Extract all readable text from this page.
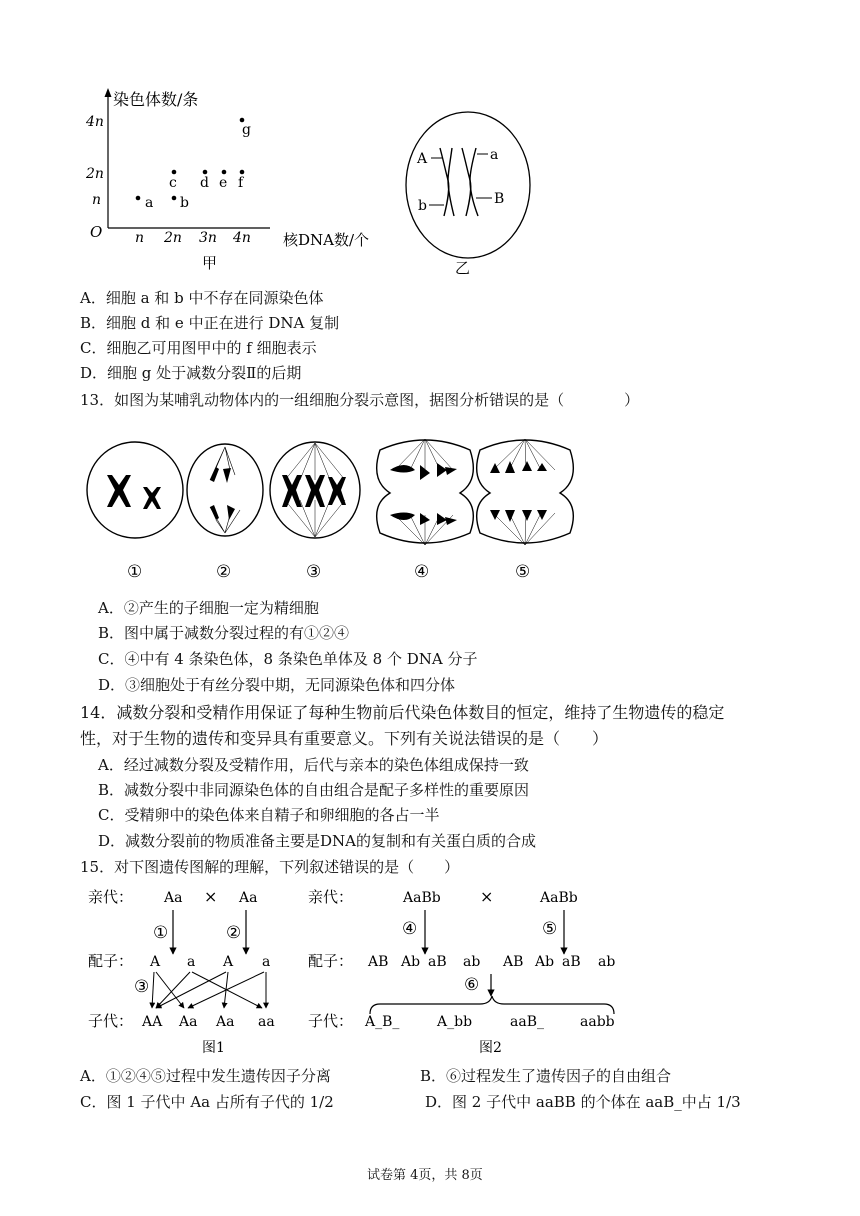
染色体数/条
O
4n
2n
n
n 2n 3n 4n 核DNA数/个
a b
c d e f
g
甲
A	a
b	B
乙
A．细胞 a 和 b 中不存在同源染色体
B．细胞 d 和 e 中正在进行 DNA 复制
C．细胞乙可用图甲中的 f 细胞表示
D．细胞 g 处于减数分裂Ⅱ的后期
13．如图为某哺乳动物体内的一组细胞分裂示意图，据图分析错误的是（　　　　）
①	②	③	④	⑤
A．②产生的子细胞一定为精细胞
B．图中属于减数分裂过程的有①②④
C．④中有 4 条染色体，8 条染色单体及 8 个 DNA 分子
D．③细胞处于有丝分裂中期，无同源染色体和四分体
14．减数分裂和受精作用保证了每种生物前后代染色体数目的恒定，维持了生物遗传的稳定
性，对于生物的遗传和变异具有重要意义。下列有关说法错误的是（　　）
A．经过减数分裂及受精作用，后代与亲本的染色体组成保持一致
B．减数分裂中非同源染色体的自由组合是配子多样性的重要原因
C．受精卵中的染色体来自精子和卵细胞的各占一半
D．减数分裂前的物质准备主要是DNA的复制和有关蛋白质的合成
15．对下图遗传图解的理解，下列叙述错误的是（　　）
亲代： Aa × Aa
①	②
配子： A a A a
③
子代： AA Aa Aa aa
图1
亲代：	AaBb ×	AaBb
④	⑤
配子： AB Ab aB ab AB Ab aB ab
⑥
子代： A_B_	A_bb	aaB_	aabb
图2
A．①②④⑤过程中发生遗传因子分离	B．⑥过程发生了遗传因子的自由组合
C．图 1 子代中 Aa 占所有子代的 1/2	D．图 2 子代中 aaBB 的个体在 aaB_中占 1/3
试卷第 4页，共 8页
